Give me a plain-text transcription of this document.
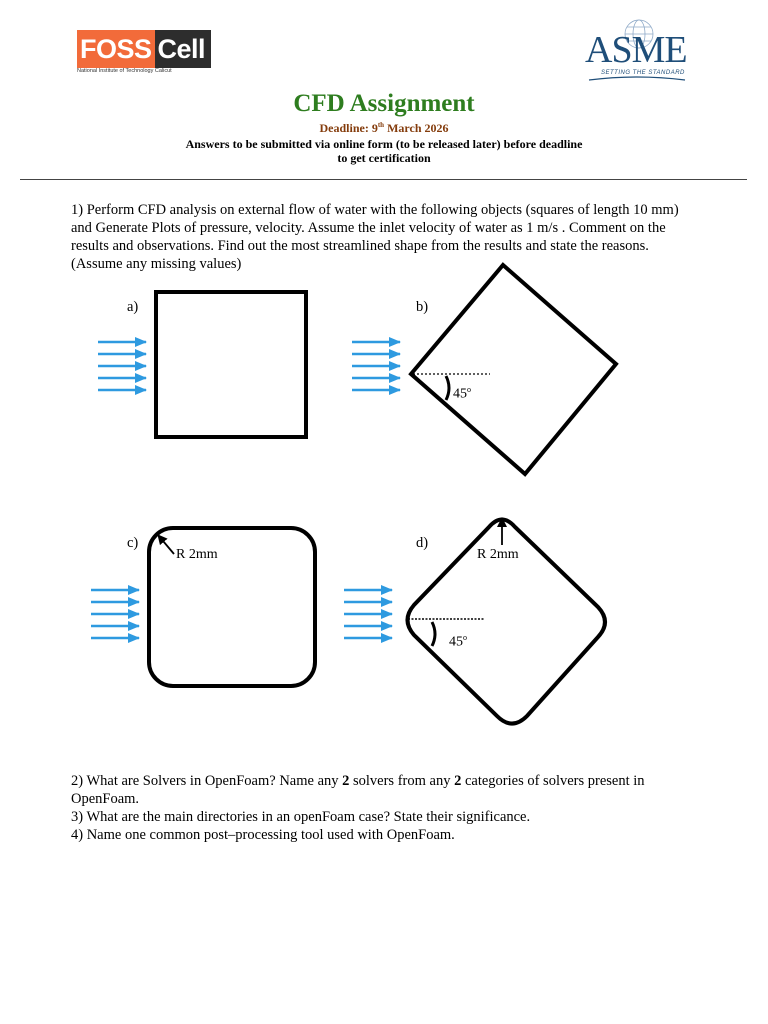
FOSS Cell
National Institute of Technology Calicut	ASME
SETTING THE STANDARD
CFD Assignment
Deadline: 9th March 2026
Answers to be submitted via online form (to be released later) before deadline
to get certification
1) Perform CFD analysis on external flow of water with the following objects (squares of length 10 mm) and Generate Plots of pressure, velocity. Assume the inlet velocity of water as 1 m/s . Comment on the results and observations. Find out the most streamlined shape from the results and state the reasons. (Assume any missing values)
a)	b)
c)	d)
45$^o$
45$^o$
R 2mm	R 2mm

2) What are Solvers in OpenFoam? Name any 2 solvers from any 2 categories of solvers present in OpenFoam.

3) What are the main directories in an openFoam case? State their significance.

4) Name one common post–processing tool used with OpenFoam.
